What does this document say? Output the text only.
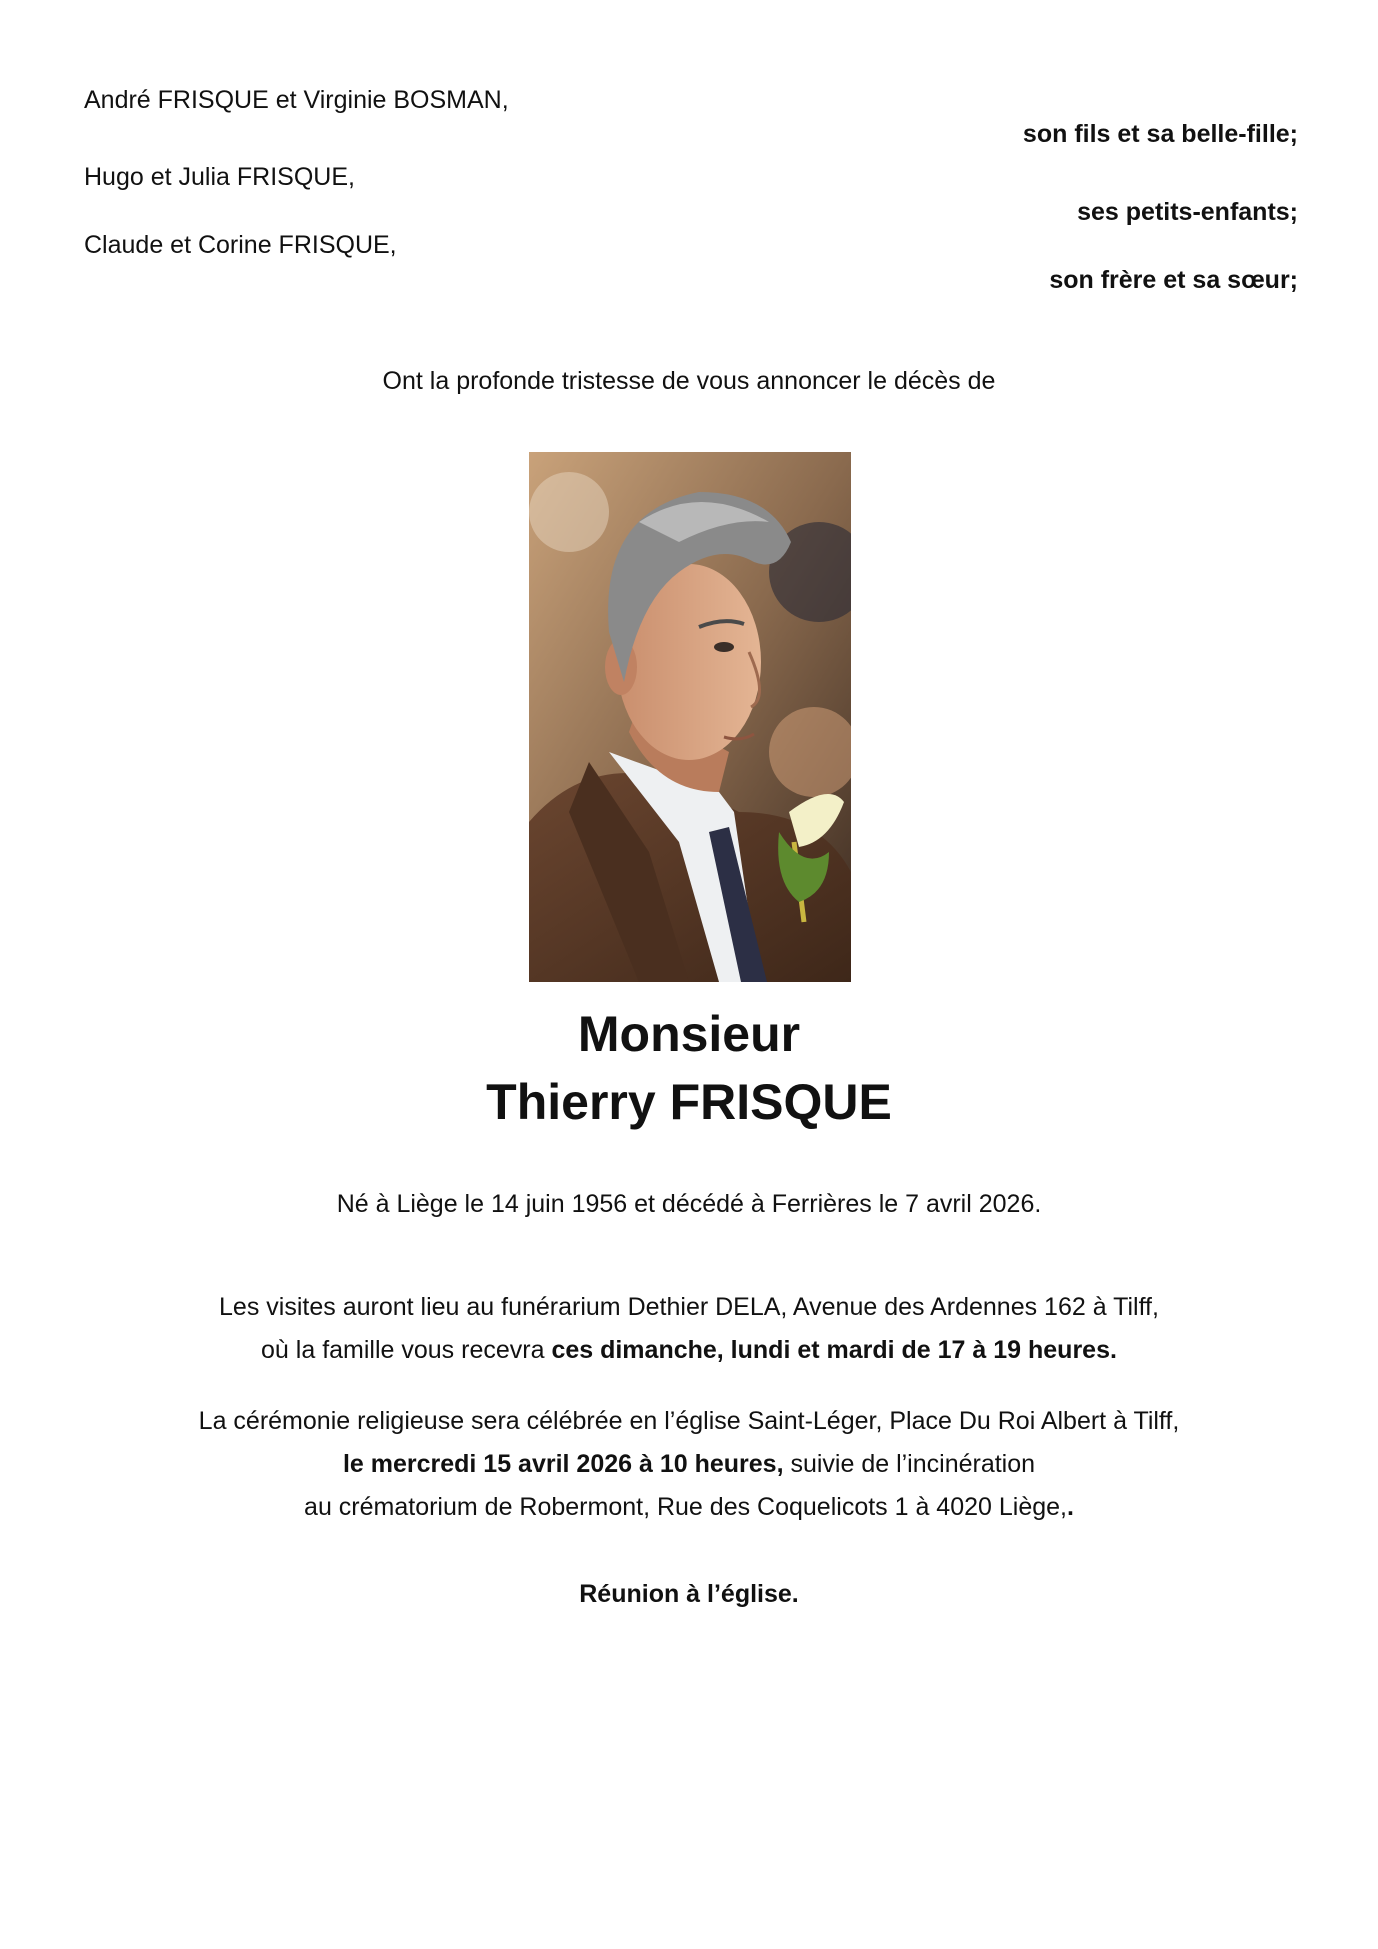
André FRISQUE et Virginie BOSMAN,
son fils et sa belle-fille;
Hugo et Julia FRISQUE,
ses petits-enfants;
Claude et Corine FRISQUE,
son frère et sa sœur;
Ont la profonde tristesse de vous annoncer le décès de
Monsieur
Thierry FRISQUE
Né à Liège le 14 juin 1956 et décédé à Ferrières le 7 avril 2026.
Les visites auront lieu au funérarium Dethier DELA, Avenue des Ardennes 162 à Tilff,
où la famille vous recevra ces dimanche, lundi et mardi de 17 à 19 heures.
La cérémonie religieuse sera célébrée en l’église Saint-Léger, Place Du Roi Albert à Tilff,
le mercredi 15 avril 2026 à 10 heures, suivie de l’incinération
au crématorium de Robermont, Rue des Coquelicots 1 à 4020 Liège,.
Réunion à l’église.
